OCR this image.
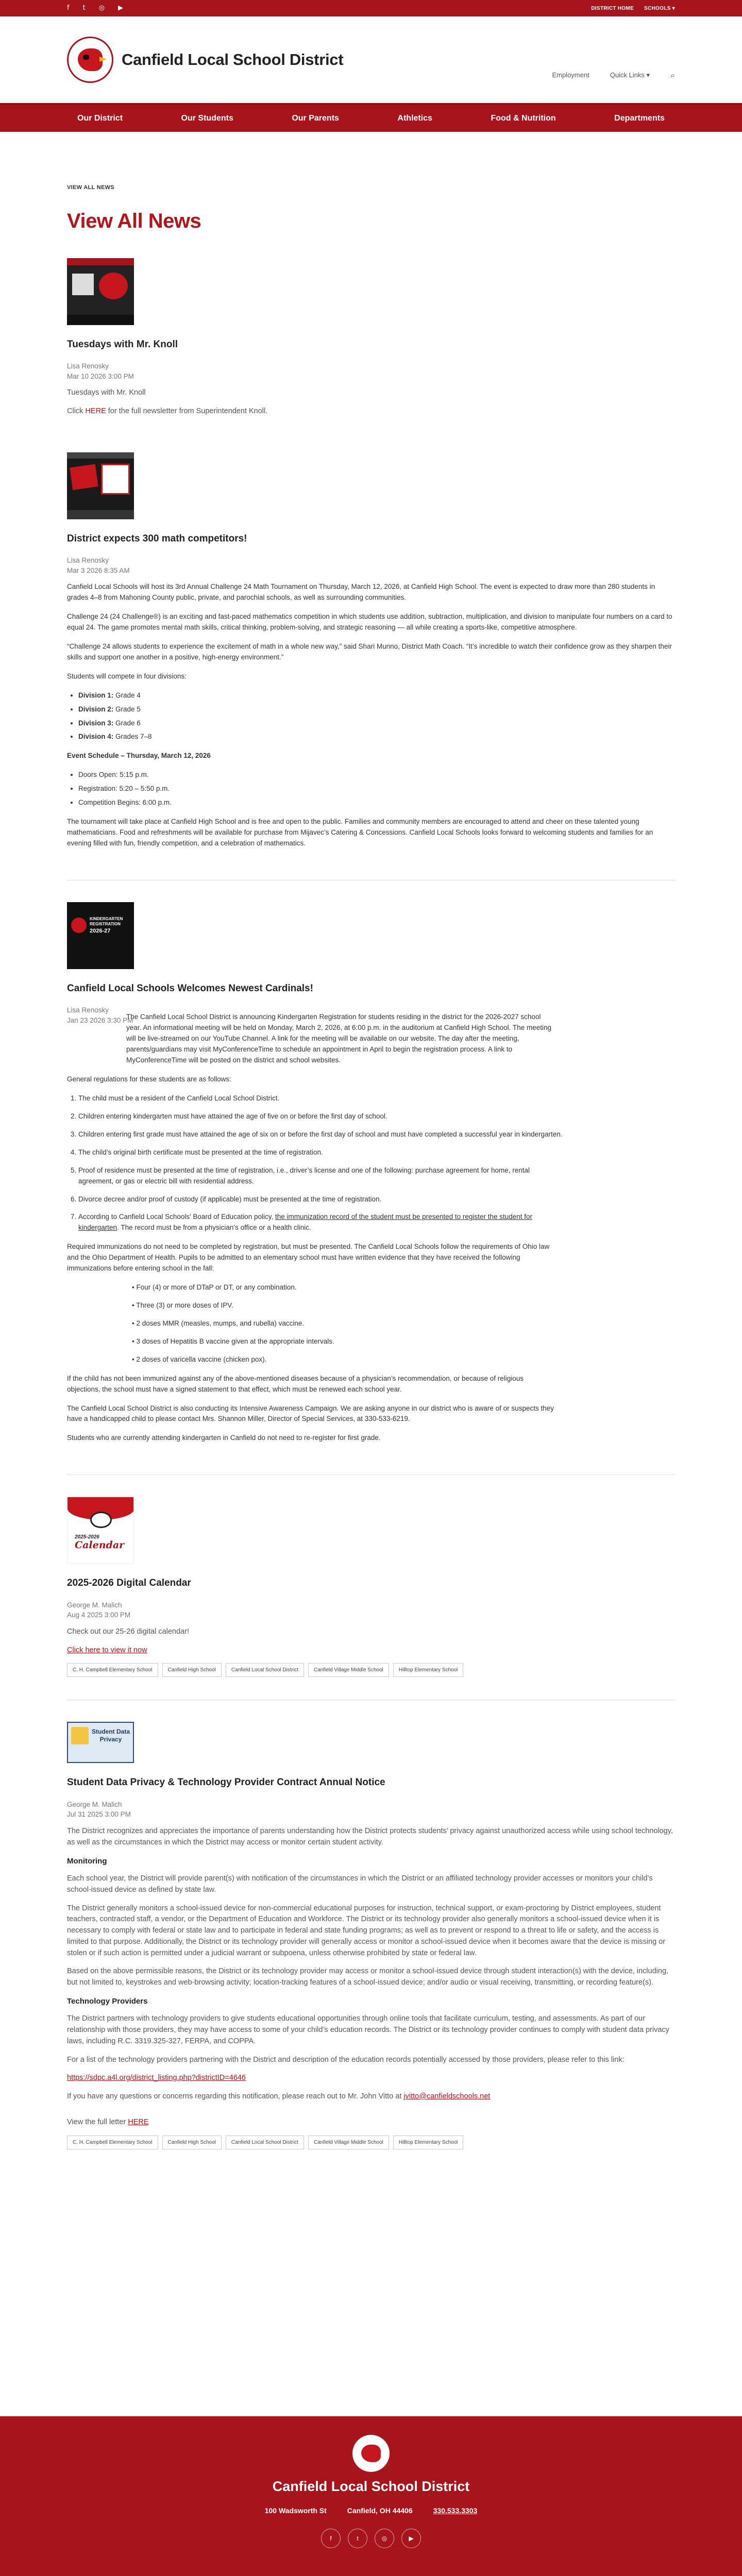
f t ◎ ▶	DISTRICT HOME SCHOOLS ▾
Canfield Local School District
Employment	Quick Links ▾	⌕
Our District	Our Students	Our Parents	Athletics	Food & Nutrition	Departments
VIEW ALL NEWS
View All News
Tuesdays with Mr. Knoll
Lisa Renosky
Mar 10 2026 3:00 PM

Tuesdays with Mr. Knoll

Click HERE for the full newsletter from Superintendent Knoll.

District expects 300 math competitors!
Lisa Renosky
Mar 3 2026 8:35 AM

Canfield Local Schools will host its 3rd Annual Challenge 24 Math Tournament on Thursday, March 12, 2026, at Canfield High School. The event is expected to draw more than 280 students in grades 4–8 from Mahoning County public, private, and parochial schools, as well as surrounding communities.

Challenge 24 (24 Challenge®) is an exciting and fast-paced mathematics competition in which students use addition, subtraction, multiplication, and division to manipulate four numbers on a card to equal 24. The game promotes mental math skills, critical thinking, problem-solving, and strategic reasoning — all while creating a sports-like, competitive atmosphere.

“Challenge 24 allows students to experience the excitement of math in a whole new way,” said Shari Munno, District Math Coach. “It’s incredible to watch their confidence grow as they sharpen their skills and support one another in a positive, high-energy environment.”

Students will compete in four divisions:

• Division 1: Grade 4
• Division 2: Grade 5
• Division 3: Grade 6
• Division 4: Grades 7–8

Event Schedule – Thursday, March 12, 2026

• Doors Open: 5:15 p.m.
• Registration: 5:20 – 5:50 p.m.
• Competition Begins: 6:00 p.m.

The tournament will take place at Canfield High School and is free and open to the public. Families and community members are encouraged to attend and cheer on these talented young mathematicians. Food and refreshments will be available for purchase from Mijavec’s Catering & Concessions. Canfield Local Schools looks forward to welcoming students and families for an evening filled with fun, friendly competition, and a celebration of mathematics.

KINDERGARTEN
REGISTRATION
2026-27
Canfield Local Schools Welcomes Newest Cardinals!
Lisa Renosky
Jan 23 2026 3:30 PM

The Canfield Local School District is announcing Kindergarten Registration for students residing in the district for the 2026-2027 school year. An informational meeting will be held on Monday, March 2, 2026, at 6:00 p.m. in the auditorium at Canfield High School. The meeting will be live-streamed on our YouTube Channel. A link for the meeting will be available on our website. The day after the meeting, parents/guardians may visit MyConferenceTime to schedule an appointment in April to begin the registration process. A link to MyConferenceTime will be posted on the district and school websites.

General regulations for these students are as follows:

1. The child must be a resident of the Canfield Local School District.
2. Children entering kindergarten must have attained the age of five on or before the first day of school.
3. Children entering first grade must have attained the age of six on or before the first day of school and must have completed a successful year in kindergarten.
4. The child’s original birth certificate must be presented at the time of registration.
5. Proof of residence must be presented at the time of registration, i.e., driver’s license and one of the following: purchase agreement for home, rental agreement, or gas or electric bill with residential address.
6. Divorce decree and/or proof of custody (if applicable) must be presented at the time of registration.
7. According to Canfield Local Schools’ Board of Education policy, the immunization record of the student must be presented to register the student for kindergarten. The record must be from a physician’s office or a health clinic.

Required immunizations do not need to be completed by registration, but must be presented. The Canfield Local Schools follow the requirements of Ohio law and the Ohio Department of Health. Pupils to be admitted to an elementary school must have written evidence that they have received the following immunizations before entering school in the fall:

• Four (4) or more of DTaP or DT, or any combination.
• Three (3) or more doses of IPV.
• 2 doses MMR (measles, mumps, and rubella) vaccine.
• 3 doses of Hepatitis B vaccine given at the appropriate intervals.
• 2 doses of varicella vaccine (chicken pox).

If the child has not been immunized against any of the above-mentioned diseases because of a physician’s recommendation, or because of religious objections, the school must have a signed statement to that effect, which must be renewed each school year.

The Canfield Local School District is also conducting its Intensive Awareness Campaign. We are asking anyone in our district who is aware of or suspects they have a handicapped child to please contact Mrs. Shannon Miller, Director of Special Services, at 330-533-6219.

Students who are currently attending kindergarten in Canfield do not need to re-register for first grade.

2025-2026
Calendar
2025-2026 Digital Calendar
George M. Malich
Aug 4 2025 3:00 PM

Check out our 25-26 digital calendar!

Click here to view it now

C. H. Campbell Elementary School	Canfield High School	Canfield Local School District	Canfield Village Middle School	Hilltop Elementary School
Student Data
Privacy
Student Data Privacy & Technology Provider Contract Annual Notice
George M. Malich
Jul 31 2025 3:00 PM

The District recognizes and appreciates the importance of parents understanding how the District protects students’ privacy against unauthorized access while using school technology, as well as the circumstances in which the District may access or monitor certain student activity.

Monitoring

Each school year, the District will provide parent(s) with notification of the circumstances in which the District or an affiliated technology provider accesses or monitors your child’s school-issued device as defined by state law.

The District generally monitors a school-issued device for non-commercial educational purposes for instruction, technical support, or exam-proctoring by District employees, student teachers, contracted staff, a vendor, or the Department of Education and Workforce. The District or its technology provider also generally monitors a school-issued device when it is necessary to comply with federal or state law and to participate in federal and state funding programs; as well as to prevent or respond to a threat to life or safety, and the access is limited to that purpose. Additionally, the District or its technology provider will generally access or monitor a school-issued device when it becomes aware that the device is missing or stolen or if such action is permitted under a judicial warrant or subpoena, unless otherwise prohibited by state or federal law.

Based on the above permissible reasons, the District or its technology provider may access or monitor a school-issued device through student interaction(s) with the device, including, but not limited to, keystrokes and web-browsing activity; location-tracking features of a school-issued device; and/or audio or visual receiving, transmitting, or recording feature(s).

Technology Providers

The District partners with technology providers to give students educational opportunities through online tools that facilitate curriculum, testing, and assessments. As part of our relationship with those providers, they may have access to some of your child’s education records. The District or its technology provider continues to comply with student data privacy laws, including R.C. 3319.325-327, FERPA, and COPPA.

For a list of the technology providers partnering with the District and description of the education records potentially accessed by those providers, please refer to this link:

https://sdpc.a4l.org/district_listing.php?districtID=4646

If you have any questions or concerns regarding this notification, please reach out to Mr. John Vitto at jvitto@canfieldschools.net

View the full letter HERE

C. H. Campbell Elementary School	Canfield High School	Canfield Local School District	Canfield Village Middle School	Hilltop Elementary School
Canfield Local School District
100 Wadsworth St	Canfield, OH 44406	330.533.3303
f	t	◎	▶
